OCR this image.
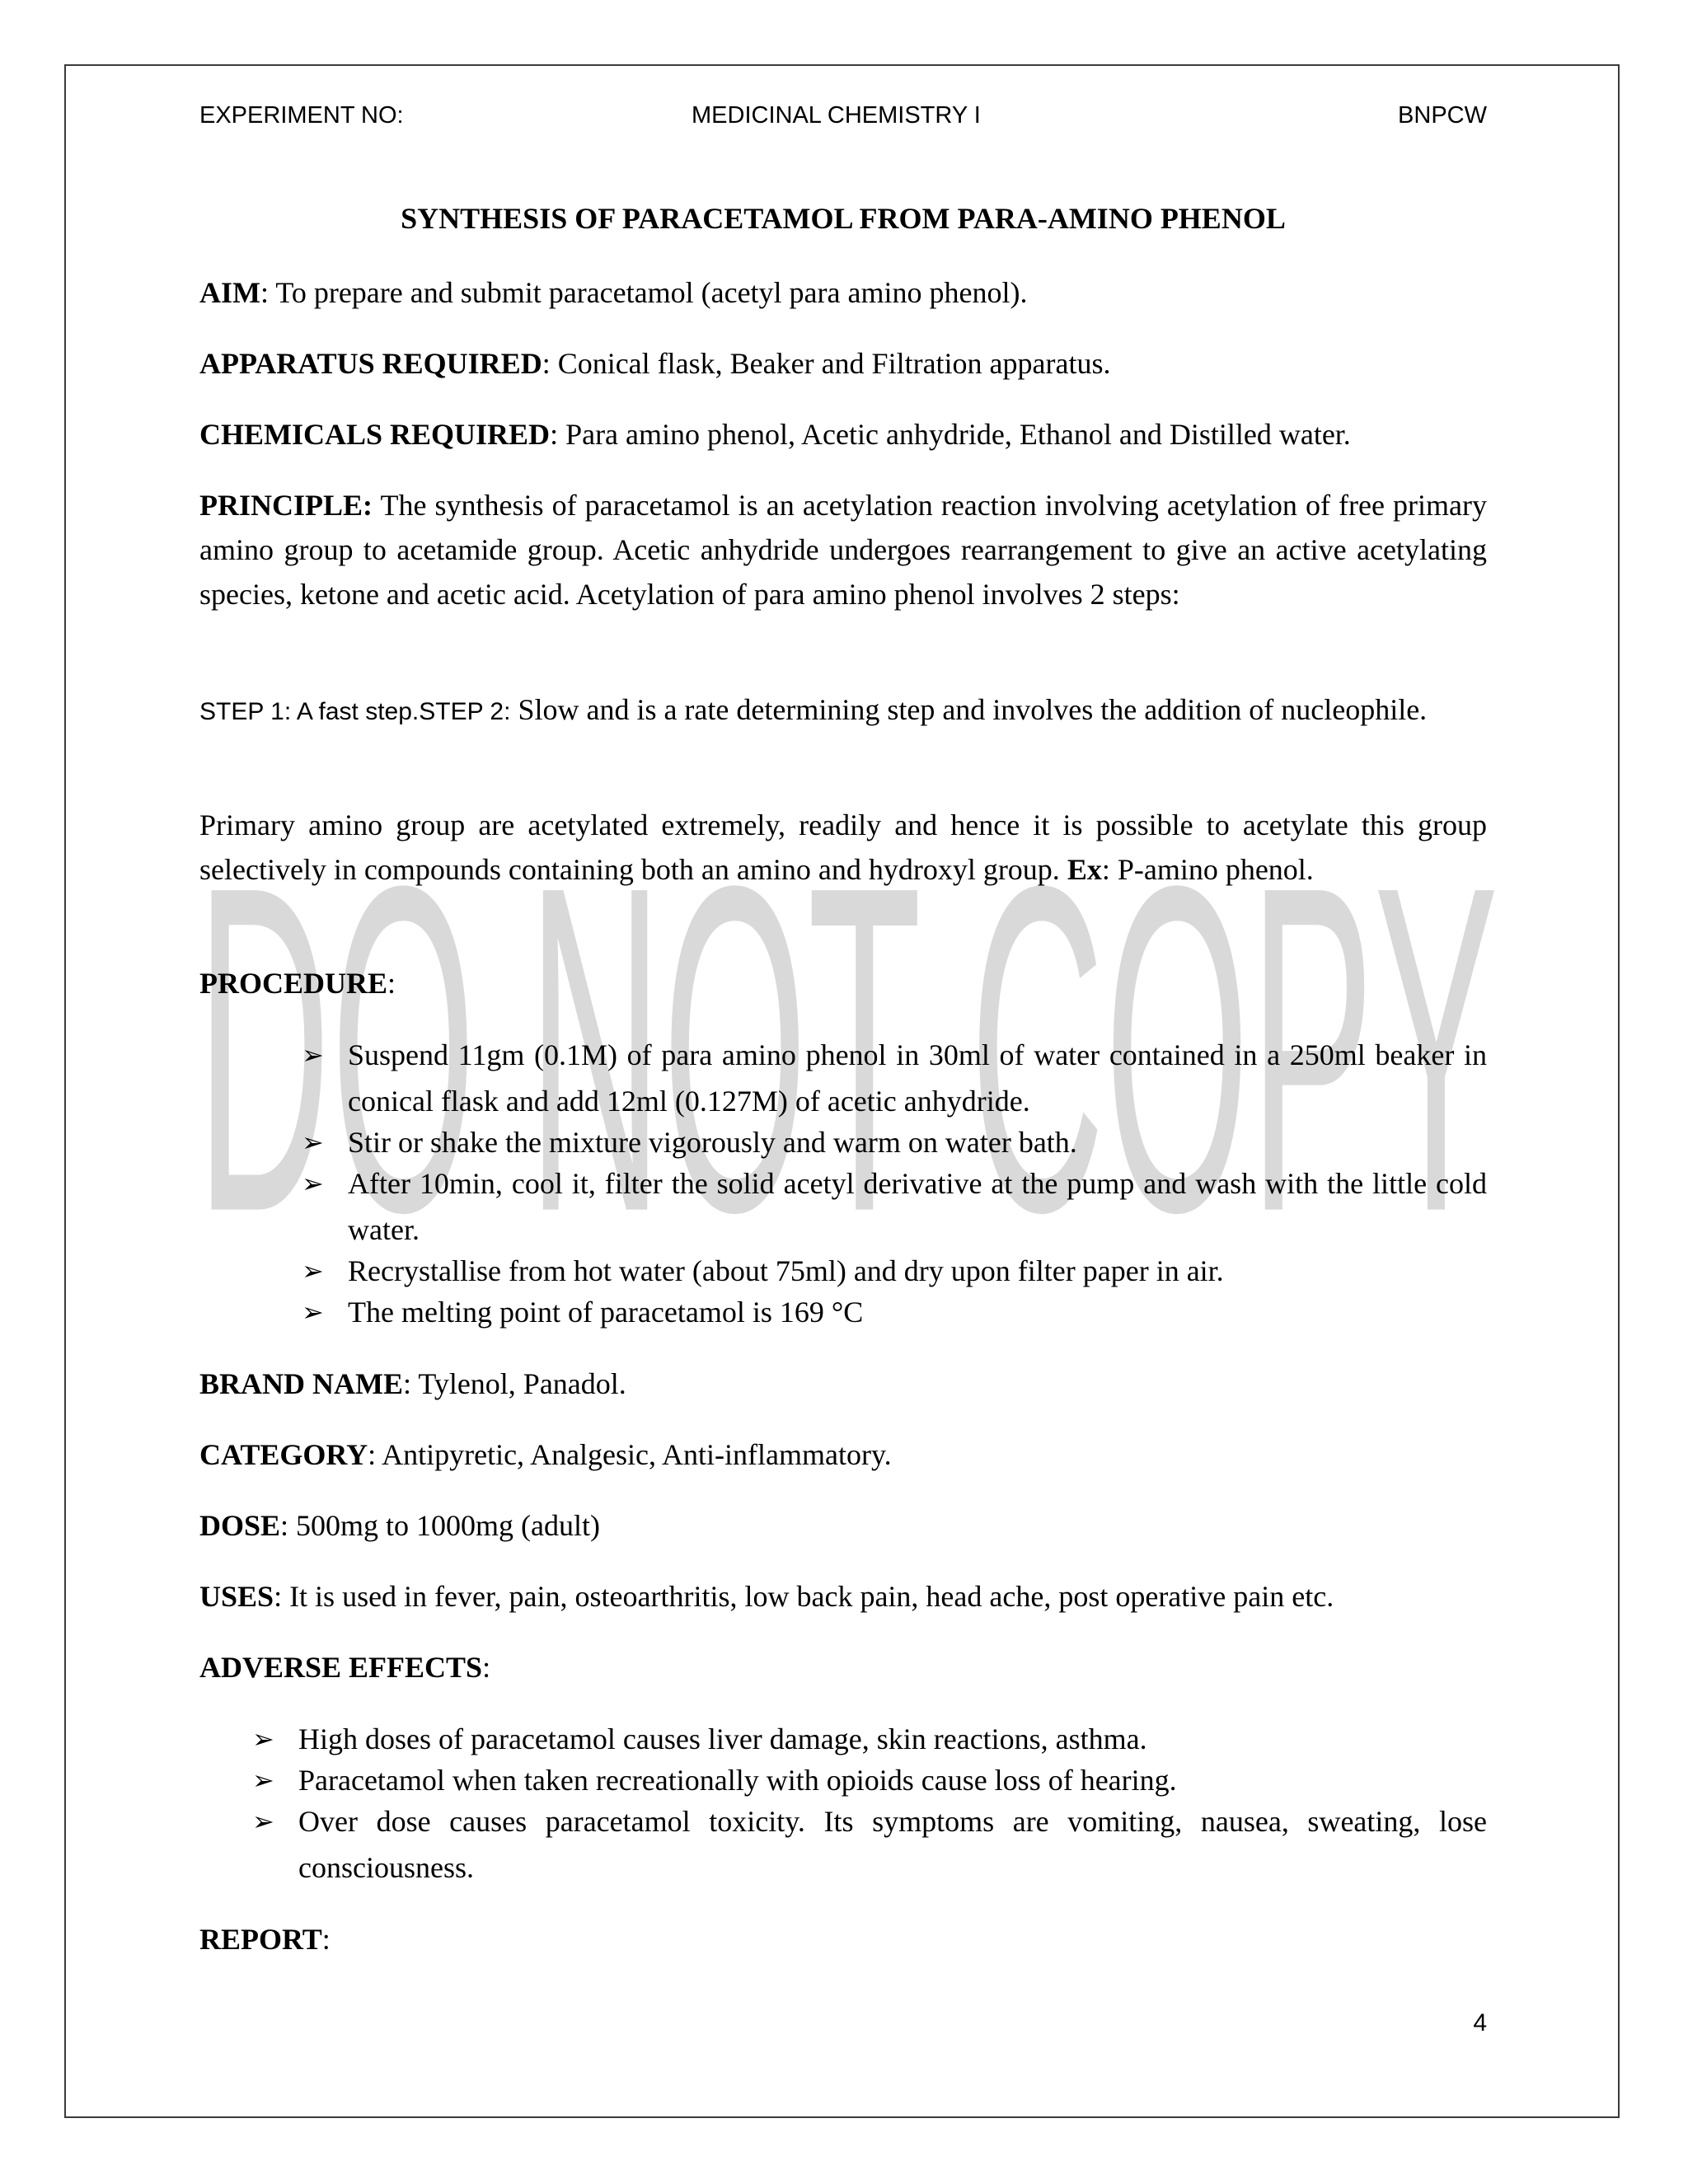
DO NOT COPY
EXPERIMENT NO:	MEDICINAL CHEMISTRY I	BNPCW
SYNTHESIS OF PARACETAMOL FROM PARA-AMINO PHENOL
AIM: To prepare and submit paracetamol (acetyl para amino phenol).
APPARATUS REQUIRED: Conical flask, Beaker and Filtration apparatus.
CHEMICALS REQUIRED: Para amino phenol, Acetic anhydride, Ethanol and Distilled water.
PRINCIPLE: The synthesis of paracetamol is an acetylation reaction involving acetylation of free primary amino group to acetamide group. Acetic anhydride undergoes rearrangement to give an active acetylating species, ketone and acetic acid. Acetylation of para amino phenol involves 2 steps:
STEP 1: A fast step.STEP 2: Slow and is a rate determining step and involves the addition of nucleophile.
Primary amino group are acetylated extremely, readily and hence it is possible to acetylate this group selectively in compounds containing both an amino and hydroxyl group. Ex: P-amino phenol.
PROCEDURE:
➢ Suspend 11gm (0.1M) of para amino phenol in 30ml of water contained in a 250ml beaker in conical flask and add 12ml (0.127M) of acetic anhydride.
➢ Stir or shake the mixture vigorously and warm on water bath.
➢ After 10min, cool it, filter the solid acetyl derivative at the pump and wash with the little cold water.
➢ Recrystallise from hot water (about 75ml) and dry upon filter paper in air.
➢ The melting point of paracetamol is 169 °C
BRAND NAME: Tylenol, Panadol.
CATEGORY: Antipyretic, Analgesic, Anti-inflammatory.
DOSE: 500mg to 1000mg (adult)
USES: It is used in fever, pain, osteoarthritis, low back pain, head ache, post operative pain etc.
ADVERSE EFFECTS:
➢ High doses of paracetamol causes liver damage, skin reactions, asthma.
➢ Paracetamol when taken recreationally with opioids cause loss of hearing.
➢ Over dose causes paracetamol toxicity. Its symptoms are vomiting, nausea, sweating, lose consciousness.
REPORT:
4
